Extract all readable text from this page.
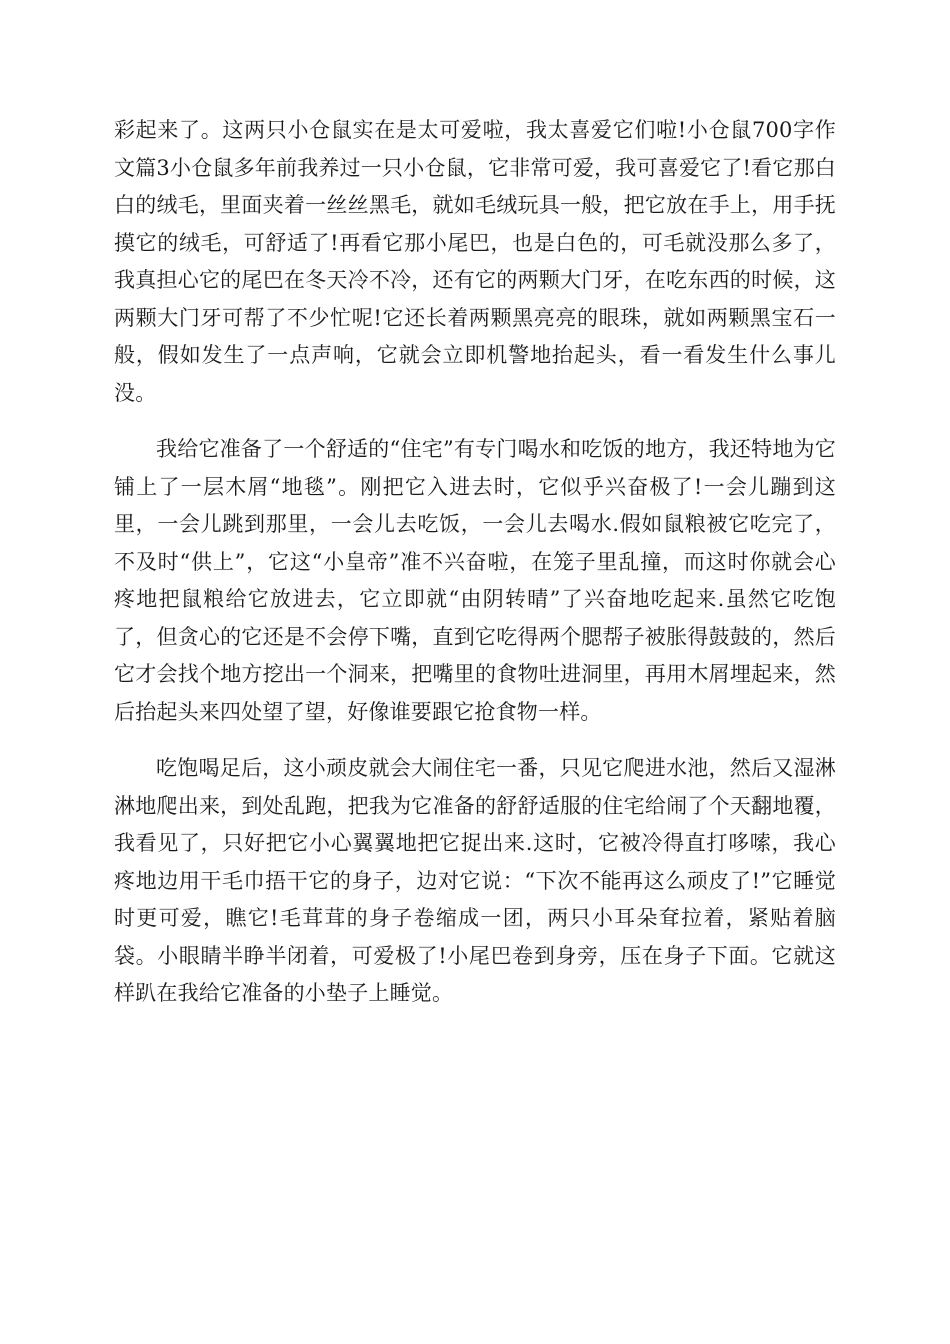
彩起来了。这两只小仓鼠实在是太可爱啦，我太喜爱它们啦!小仓鼠700字作文篇3小仓鼠多年前我养过一只小仓鼠，它非常可爱，我可喜爱它了!看它那白白的绒毛，里面夹着一丝丝黑毛，就如毛绒玩具一般，把它放在手上，用手抚摸它的绒毛，可舒适了!再看它那小尾巴，也是白色的，可毛就没那么多了，我真担心它的尾巴在冬天冷不冷，还有它的两颗大门牙，在吃东西的时候，这两颗大门牙可帮了不少忙呢!它还长着两颗黑亮亮的眼珠，就如两颗黑宝石一般，假如发生了一点声响，它就会立即机警地抬起头，看一看发生什么事儿没。

我给它准备了一个舒适的“住宅”有专门喝水和吃饭的地方，我还特地为它铺上了一层木屑“地毯”。刚把它入进去时，它似乎兴奋极了!一会儿蹦到这里，一会儿跳到那里，一会儿去吃饭，一会儿去喝水.假如鼠粮被它吃完了，不及时“供上”，它这“小皇帝”准不兴奋啦，在笼子里乱撞，而这时你就会心疼地把鼠粮给它放进去，它立即就“由阴转晴”了兴奋地吃起来.虽然它吃饱了，但贪心的它还是不会停下嘴，直到它吃得两个腮帮子被胀得鼓鼓的，然后它才会找个地方挖出一个洞来，把嘴里的食物吐进洞里，再用木屑埋起来，然后抬起头来四处望了望，好像谁要跟它抢食物一样。

吃饱喝足后，这小顽皮就会大闹住宅一番，只见它爬进水池，然后又湿淋淋地爬出来，到处乱跑，把我为它准备的舒舒适服的住宅给闹了个天翻地覆，我看见了，只好把它小心翼翼地把它捉出来.这时，它被冷得直打哆嗦，我心疼地边用干毛巾捂干它的身子，边对它说：“下次不能再这么顽皮了!”它睡觉时更可爱，瞧它!毛茸茸的身子卷缩成一团，两只小耳朵耷拉着，紧贴着脑袋。小眼睛半睁半闭着，可爱极了!小尾巴卷到身旁，压在身子下面。它就这样趴在我给它准备的小垫子上睡觉。
